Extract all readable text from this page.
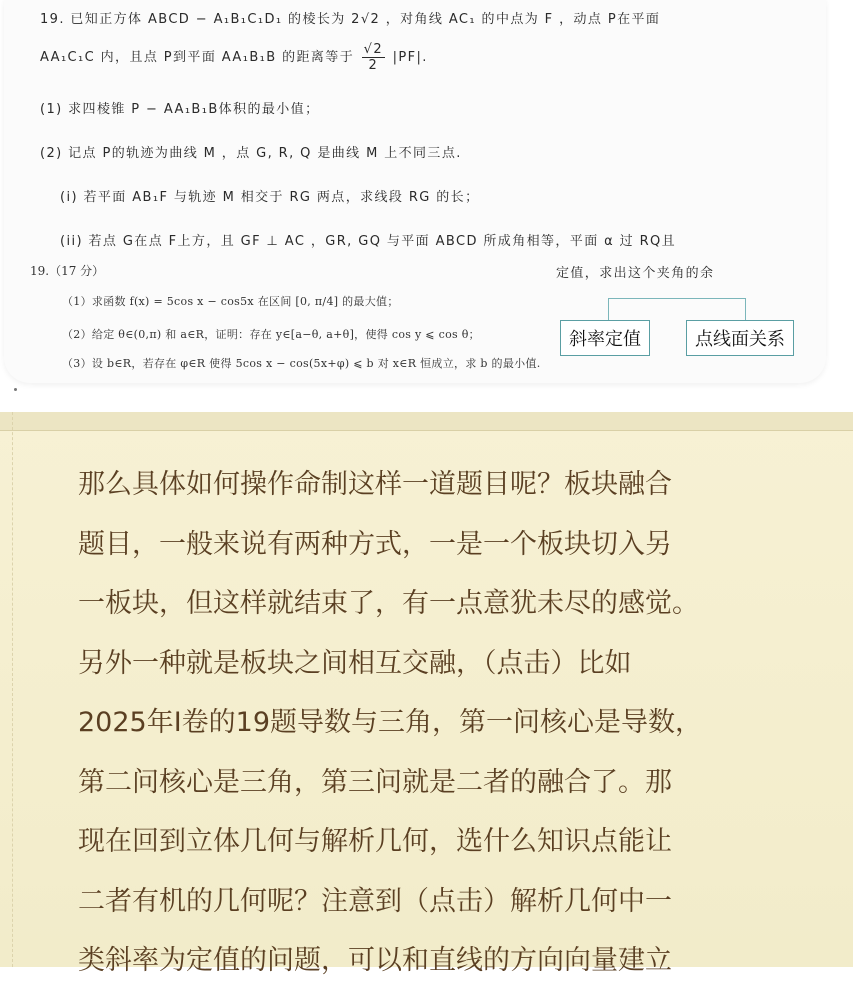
19. 已知正方体 ABCD − A₁B₁C₁D₁ 的棱长为 2√2 ，对角线 AC₁ 的中点为 F ，动点 P在平面
AA₁C₁C 内，且点 P到平面 AA₁B₁B 的距离等于 $\frac{√2}{2} |PF|$.
(1) 求四棱锥 P − AA₁B₁B体积的最小值；
(2) 记点 P的轨迹为曲线 M ，点 G, R, Q 是曲线 M 上不同三点.
(i) 若平面 AB₁F 与轨迹 M 相交于 RG 两点，求线段 RG 的长；
(ii) 若点 G在点 F上方，且 GF ⊥ AC ，GR, GQ 与平面 ABCD 所成角相等，平面 α 过 RQ且
定值，求出这个夹角的余
19.（17 分）
（1）求函数 f(x) = 5cos x − cos5x 在区间 [0, π/4] 的最大值；
（2）给定 θ∈(0,π) 和 a∈R，证明：存在 y∈[a−θ, a+θ]，使得 cos y ⩽ cos θ；
（3）设 b∈R，若存在 φ∈R 使得 5cos x − cos(5x+φ) ⩽ b 对 x∈R 恒成立，求 b 的最小值.
斜率定值	点线面关系
那么具体如何操作命制这样一道题目呢？板块融合
题目，一般来说有两种方式，一是一个板块切入另
一板块，但这样就结束了，有一点意犹未尽的感觉。
另外一种就是板块之间相互交融，（点击）比如
2025年I卷的19题导数与三角，第一问核心是导数，
第二问核心是三角，第三问就是二者的融合了。那
现在回到立体几何与解析几何，选什么知识点能让
二者有机的几何呢？注意到（点击）解析几何中一
类斜率为定值的问题，可以和直线的方向向量建立
